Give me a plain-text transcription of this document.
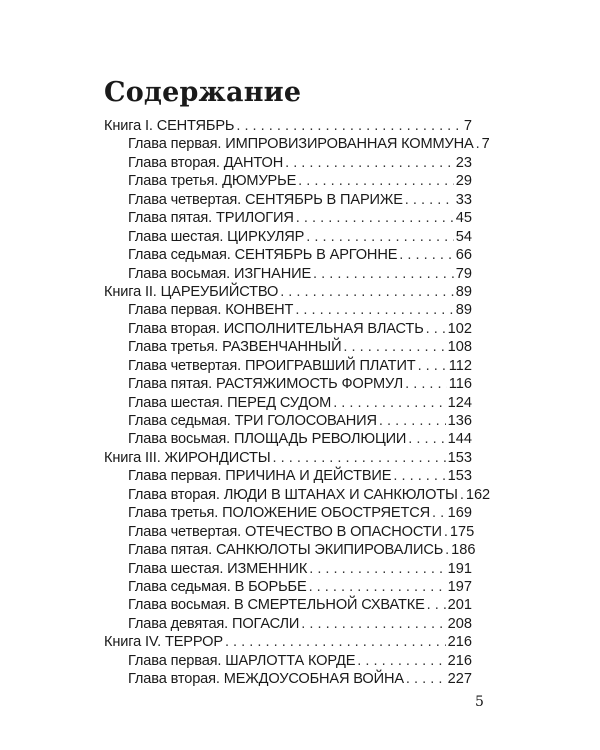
Содержание
Книга I. СЕНТЯБРЬ . . .	7
Глава первая. ИМПРОВИЗИРОВАННАЯ КОММУНА . . . 7
Глава вторая. ДАНТОН . . .	23
Глава третья. ДЮМУРЬЕ . . .	29
Глава четвертая. СЕНТЯБРЬ В ПАРИЖЕ . . .	33
Глава пятая. ТРИЛОГИЯ . . .	45
Глава шестая. ЦИРКУЛЯР . . .	54
Глава седьмая. СЕНТЯБРЬ В АРГОННЕ . . .	66
Глава восьмая. ИЗГНАНИЕ . . .	79
Книга II. ЦАРЕУБИЙСТВО . . .	89
Глава первая. КОНВЕНТ . . .	89
Глава вторая. ИСПОЛНИТЕЛЬНАЯ ВЛАСТЬ . . . 102
Глава третья. РАЗВЕНЧАННЫЙ . . .	108
Глава четвертая. ПРОИГРАВШИЙ ПЛАТИТ . . . 112
Глава пятая. РАСТЯЖИМОСТЬ ФОРМУЛ . . .	116
Глава шестая. ПЕРЕД СУДОМ . . .	124
Глава седьмая. ТРИ ГОЛОСОВАНИЯ . . .	136
Глава восьмая. ПЛОЩАДЬ РЕВОЛЮЦИИ . . .	144
Книга III. ЖИРОНДИСТЫ . . .	153
Глава первая. ПРИЧИНА И ДЕЙСТВИЕ . . .	153
Глава вторая. ЛЮДИ В ШТАНАХ И САНКЮЛОТЫ . . . 162
Глава третья. ПОЛОЖЕНИЕ ОБОСТРЯЕТСЯ . . . 169
Глава четвертая. ОТЕЧЕСТВО В ОПАСНОСТИ . . . 175
Глава пятая. САНКЮЛОТЫ ЭКИПИРОВАЛИСЬ . . . 186
Глава шестая. ИЗМЕННИК . . .	191
Глава седьмая. В БОРЬБЕ . . .	197
Глава восьмая. В СМЕРТЕЛЬНОЙ СХВАТКЕ . . . 201
Глава девятая. ПОГАСЛИ . . .	208
Книга IV. ТЕРРОР . . .	216
Глава первая. ШАРЛОТТА КОРДЕ . . .	216
Глава вторая. МЕЖДОУСОБНАЯ ВОЙНА . . .	227
5
